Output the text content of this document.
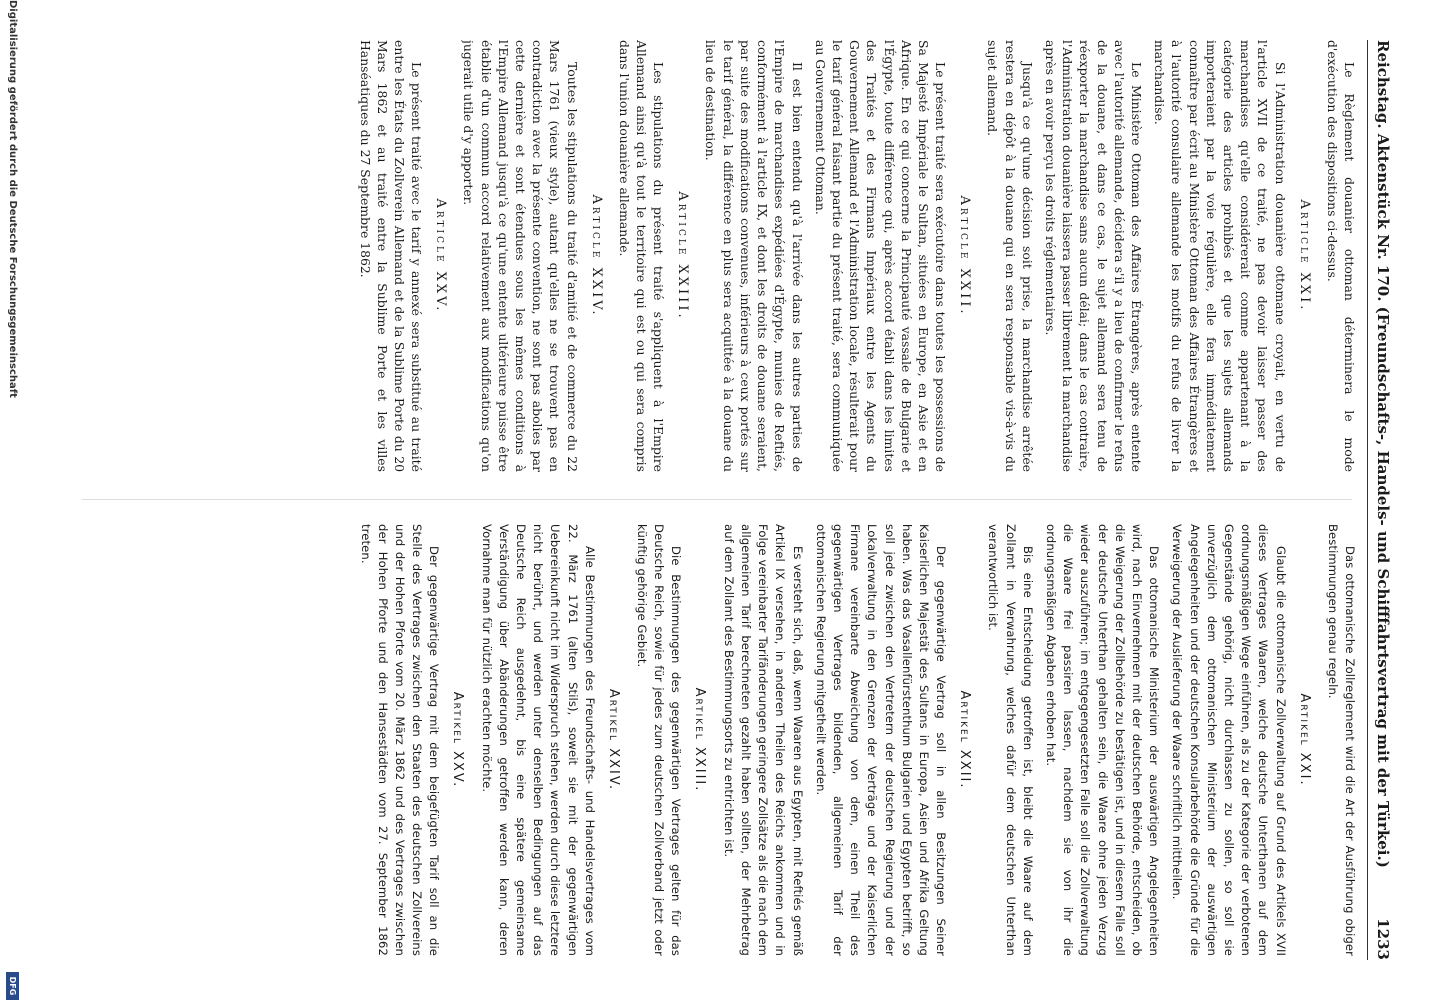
Reichstag. Aktenstück Nr. 170. (Freundschafts-, Handels- und Schifffahrtsvertrag mit der Türkei.)
1233

Le Règlement douanier ottoman déterminera le mode d'exécution des dispositions ci-dessus.

Article XXI.

Si l'Administration douanière ottomane croyait, en vertu de l'article XVII de ce traité, ne pas devoir laisser passer des marchandises qu'elle considérerait comme appartenant à la catégorie des articles prohibés et que les sujets allemands importeraient par la voie régulière, elle fera immédiatement connaître par écrit au Ministère Ottoman des Affaires Étrangères et à l'autorité consulaire allemande les motifs du refus de livrer la marchandise.

Le Ministère Ottoman des Affaires Étrangères, après entente avec l'autorité allemande, décidera s'il y a lieu de confirmer le refus de la douane, et dans ce cas, le sujet allemand sera tenu de réexporter la marchandise sans aucun délai; dans le cas contraire, l'Administration douanière laissera passer librement la marchandise après en avoir perçu les droits réglementaires.

Jusqu'à ce qu'une décision soit prise, la marchandise arrêtée restera en dépôt à la douane qui en sera responsable vis-à-vis du sujet allemand.

Article XXII.

Le présent traité sera exécutoire dans toutes les possessions de Sa Majesté Impériale le Sultan, situées en Europe, en Asie et en Afrique. En ce qui concerne la Principauté vassale de Bulgarie et l'Égypte, toute différence qui, après accord établi dans les limites des Traités et des Firmans Impériaux entre les Agents du Gouvernement Allemand et l'Administration locale, résulterait pour le tarif général faisant partie du présent traité, sera communiquée au Gouvernement Ottoman.

Il est bien entendu qu'à l'arrivée dans les autres parties de l'Empire de marchandises expédiées d'Égypte, munies de Reftiés, conformément à l'article IX, et dont les droits de douane seraient, par suite des modifications convenues, inférieurs à ceux portés sur le tarif général, la différence en plus sera acquittée à la douane du lieu de destination.

Article XXIII.

Les stipulations du présent traité s'appliquent à l'Empire Allemand ainsi qu'à tout le territoire qui est ou qui sera compris dans l'union douanière allemande.

Article XXIV.

Toutes les stipulations du traité d'amitié et de commerce du 22 Mars 1761 (vieux style), autant qu'elles ne se trouvent pas en contradiction avec la présente convention, ne sont pas abolies par cette dernière et sont étendues sous les mêmes conditions à l'Empire Allemand jusqu'à ce qu'une entente ultérieure puisse être établie d'un commun accord relativement aux modifications qu'on jugerait utile d'y apporter.

Article XXV.

Le présent traité avec le tarif y annexé sera substitué au traité entre les États du Zollverein Allemand et de la Sublime Porte du 20 Mars 1862 et au traité entre la Sublime Porte et les villes Hanséatiques du 27 Septembre 1862.

Das ottomanische Zollreglement wird die Art der Ausführung obiger Bestimmungen genau regeln.

Artikel XXI.

Glaubt die ottomanische Zollverwaltung auf Grund des Artikels XVII dieses Vertrages Waaren, welche deutsche Unterthanen auf dem ordnungsmäßigen Wege einführen, als zu der Kategorie der verbotenen Gegenstände gehörig, nicht durchlassen zu sollen, so soll sie unverzüglich dem ottomanischen Ministerium der auswärtigen Angelegenheiten und der deutschen Konsularbehörde die Gründe für die Verweigerung der Auslieferung der Waare schriftlich mittheilen.

Das ottomanische Ministerium der auswärtigen Angelegenheiten wird, nach Einvernehmen mit der deutschen Behörde, entscheiden, ob die Weigerung der Zollbehörde zu bestätigen ist, und in diesem Falle soll der deutsche Unterthan gehalten sein, die Waare ohne jeden Verzug wieder auszuführen; im entgegengesetzten Falle soll die Zollverwaltung die Waare frei passiren lassen, nachdem sie von ihr die ordnungsmäßigen Abgaben erhoben hat.

Bis eine Entscheidung getroffen ist, bleibt die Waare auf dem Zollamt in Verwahrung, welches dafür dem deutschen Unterthan verantwortlich ist.

Artikel XXII.

Der gegenwärtige Vertrag soll in allen Besitzungen Seiner Kaiserlichen Majestät des Sultans in Europa, Asien und Afrika Geltung haben. Was das Vasallenfürstenthum Bulgarien und Egypten betrifft, so soll jede zwischen den Vertretern der deutschen Regierung und der Lokalverwaltung in den Grenzen der Verträge und der Kaiserlichen Firmane vereinbarte Abweichung von dem, einen Theil des gegenwärtigen Vertrages bildenden, allgemeinen Tarif der ottomanischen Regierung mitgetheilt werden.

Es versteht sich, daß, wenn Waaren aus Egypten, mit Reftiés gemäß Artikel IX versehen, in anderen Theilen des Reichs ankommen und in Folge vereinbarter Tarifänderungen geringere Zollsätze als die nach dem allgemeinen Tarif berechneten gezahlt haben sollten, der Mehrbetrag auf dem Zollamt des Bestimmungsorts zu entrichten ist.

Artikel XXIII.

Die Bestimmungen des gegenwärtigen Vertrages gelten für das Deutsche Reich, sowie für jedes zum deutschen Zollverband jetzt oder künftig gehörige Gebiet.

Artikel XXIV.

Alle Bestimmungen des Freundschafts- und Handelsvertrages vom 22. März 1761 (alten Stils), soweit sie mit der gegenwärtigen Uebereinkunft nicht im Widerspruch stehen, werden durch diese letztere nicht berührt, und werden unter denselben Bedingungen auf das Deutsche Reich ausgedehnt, bis eine spätere gemeinsame Verständigung über Abänderungen getroffen werden kann, deren Vornahme man für nützlich erachten möchte.

Artikel XXV.

Der gegenwärtige Vertrag mit dem beigefügten Tarif soll an die Stelle des Vertrages zwischen den Staaten des deutschen Zollvereins und der Hohen Pforte vom 20. März 1862 und des Vertrages zwischen der Hohen Pforte und den Hansestädten vom 27. September 1862 treten.

Digitalisierung gefördert durch die Deutsche Forschungsgemeinschaft
DFG
